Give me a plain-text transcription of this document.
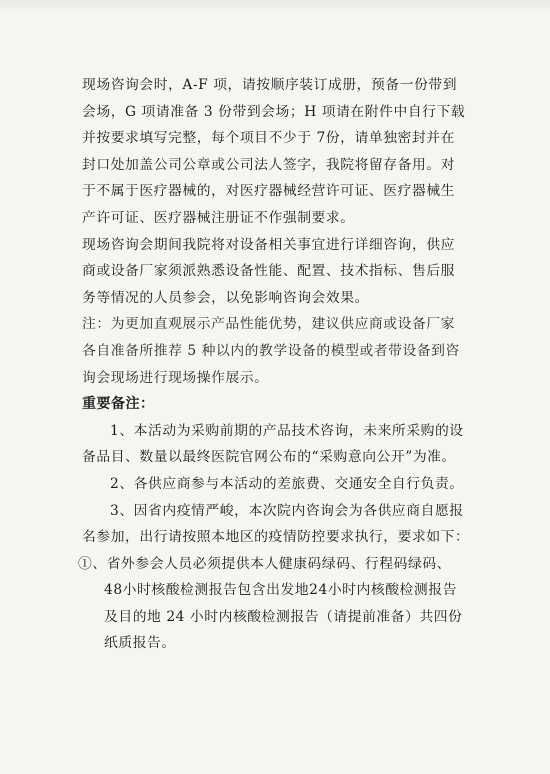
现场咨询会时，A-F 项，请按顺序装订成册，预备一份带到
会场，G 项请准备 3 份带到会场；H 项请在附件中自行下载
并按要求填写完整，每个项目不少于 7份，请单独密封并在
封口处加盖公司公章或公司法人签字，我院将留存备用。对
于不属于医疗器械的，对医疗器械经营许可证、医疗器械生
产许可证、医疗器械注册证不作强制要求。
现场咨询会期间我院将对设备相关事宜进行详细咨询，供应
商或设备厂家须派熟悉设备性能、配置、技术指标、售后服
务等情况的人员参会，以免影响咨询会效果。
注：为更加直观展示产品性能优势，建议供应商或设备厂家
各自准备所推荐 5 种以内的教学设备的模型或者带设备到咨
询会现场进行现场操作展示。

重要备注：

1、本活动为采购前期的产品技术咨询，未来所采购的设
备品目、数量以最终医院官网公布的“采购意向公开”为准。
2、各供应商参与本活动的差旅费、交通安全自行负责。
3、因省内疫情严峻，本次院内咨询会为各供应商自愿报
名参加，出行请按照本地区的疫情防控要求执行，要求如下：
①、省外参会人员必须提供本人健康码绿码、行程码绿码、
48小时核酸检测报告包含出发地24小时内核酸检测报告
及目的地 24 小时内核酸检测报告（请提前准备）共四份
纸质报告。
